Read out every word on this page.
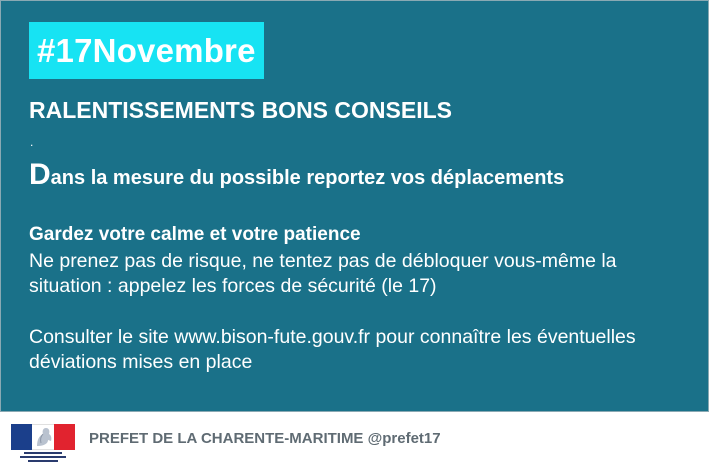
#17Novembre
RALENTISSEMENTS BONS CONSEILS
.
Dans la mesure du possible reportez vos déplacements
Gardez votre calme et votre patience
Ne prenez pas de risque, ne tentez pas de débloquer vous-même la situation : appelez les forces de sécurité (le 17)
Consulter le site www.bison-fute.gouv.fr pour connaître les éventuelles déviations mises en place
PREFET DE LA CHARENTE-MARITIME @prefet17
